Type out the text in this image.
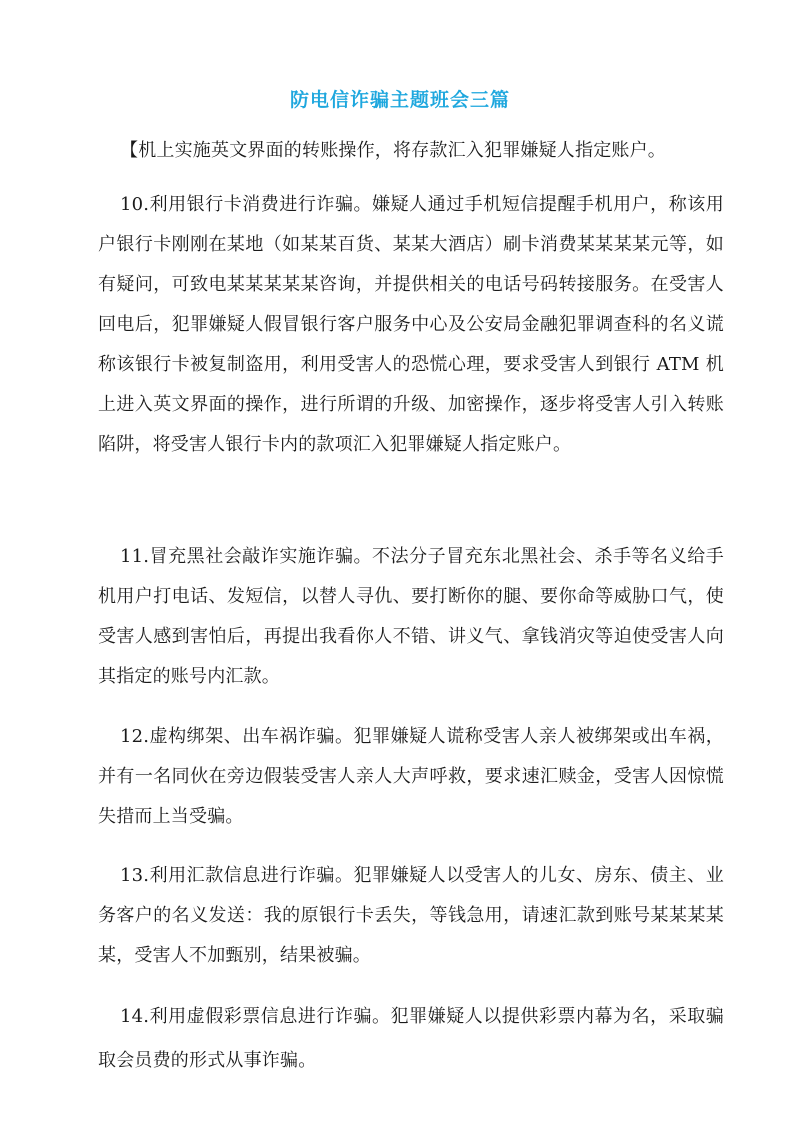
防电信诈骗主题班会三篇
【机上实施英文界面的转账操作，将存款汇入犯罪嫌疑人指定账户。
10.利用银行卡消费进行诈骗。嫌疑人通过手机短信提醒手机用户，称该用户银行卡刚刚在某地（如某某百货、某某大酒店）刷卡消费某某某某元等，如有疑问，可致电某某某某某咨询，并提供相关的电话号码转接服务。在受害人回电后，犯罪嫌疑人假冒银行客户服务中心及公安局金融犯罪调查科的名义谎称该银行卡被复制盗用，利用受害人的恐慌心理，要求受害人到银行 ATM 机上进入英文界面的操作，进行所谓的升级、加密操作，逐步将受害人引入转账陷阱，将受害人银行卡内的款项汇入犯罪嫌疑人指定账户。
11.冒充黑社会敲诈实施诈骗。不法分子冒充东北黑社会、杀手等名义给手机用户打电话、发短信，以替人寻仇、要打断你的腿、要你命等威胁口气，使受害人感到害怕后，再提出我看你人不错、讲义气、拿钱消灾等迫使受害人向其指定的账号内汇款。
12.虚构绑架、出车祸诈骗。犯罪嫌疑人谎称受害人亲人被绑架或出车祸，并有一名同伙在旁边假装受害人亲人大声呼救，要求速汇赎金，受害人因惊慌失措而上当受骗。
13.利用汇款信息进行诈骗。犯罪嫌疑人以受害人的儿女、房东、债主、业务客户的名义发送：我的原银行卡丢失，等钱急用，请速汇款到账号某某某某某，受害人不加甄别，结果被骗。
14.利用虚假彩票信息进行诈骗。犯罪嫌疑人以提供彩票内幕为名，采取骗取会员费的形式从事诈骗。
